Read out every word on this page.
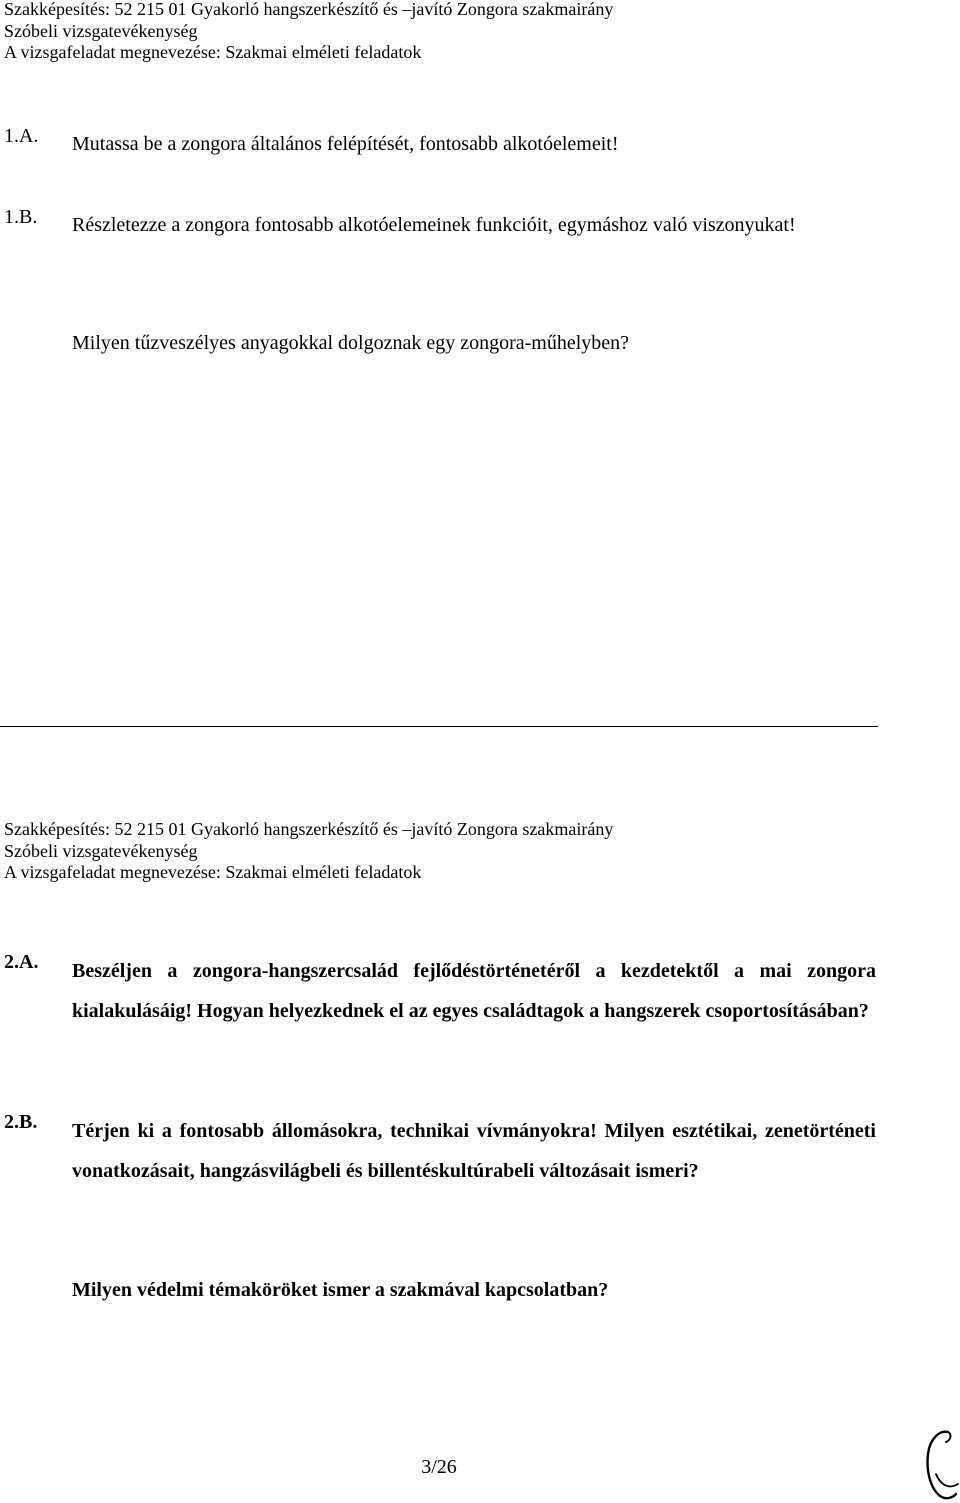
Szakképesítés: 52 215 01 Gyakorló hangszerkészítő és –javító Zongora szakmairány
Szóbeli vizsgatevékenység
A vizsgafeladat megnevezése: Szakmai elméleti feladatok
1.A. Mutassa be a zongora általános felépítését, fontosabb alkotóelemeit!
1.B. Részletezze a zongora fontosabb alkotóelemeinek funkcióit, egymáshoz való viszonyukat!
Milyen tűzveszélyes anyagokkal dolgoznak egy zongora-műhelyben?
Szakképesítés: 52 215 01 Gyakorló hangszerkészítő és –javító Zongora szakmairány
Szóbeli vizsgatevékenység
A vizsgafeladat megnevezése: Szakmai elméleti feladatok
2.A. Beszéljen a zongora-hangszercsalád fejlődéstörténetéről a kezdetektől a mai zongora kialakulásáig! Hogyan helyezkednek el az egyes családtagok a hangszerek csoportosításában?
2.B. Térjen ki a fontosabb állomásokra, technikai vívmányokra! Milyen esztétikai, zenetörténeti vonatkozásait, hangzásvilágbeli és billentéskultúrabeli változásait ismeri?
Milyen védelmi témaköröket ismer a szakmával kapcsolatban?
3/26
